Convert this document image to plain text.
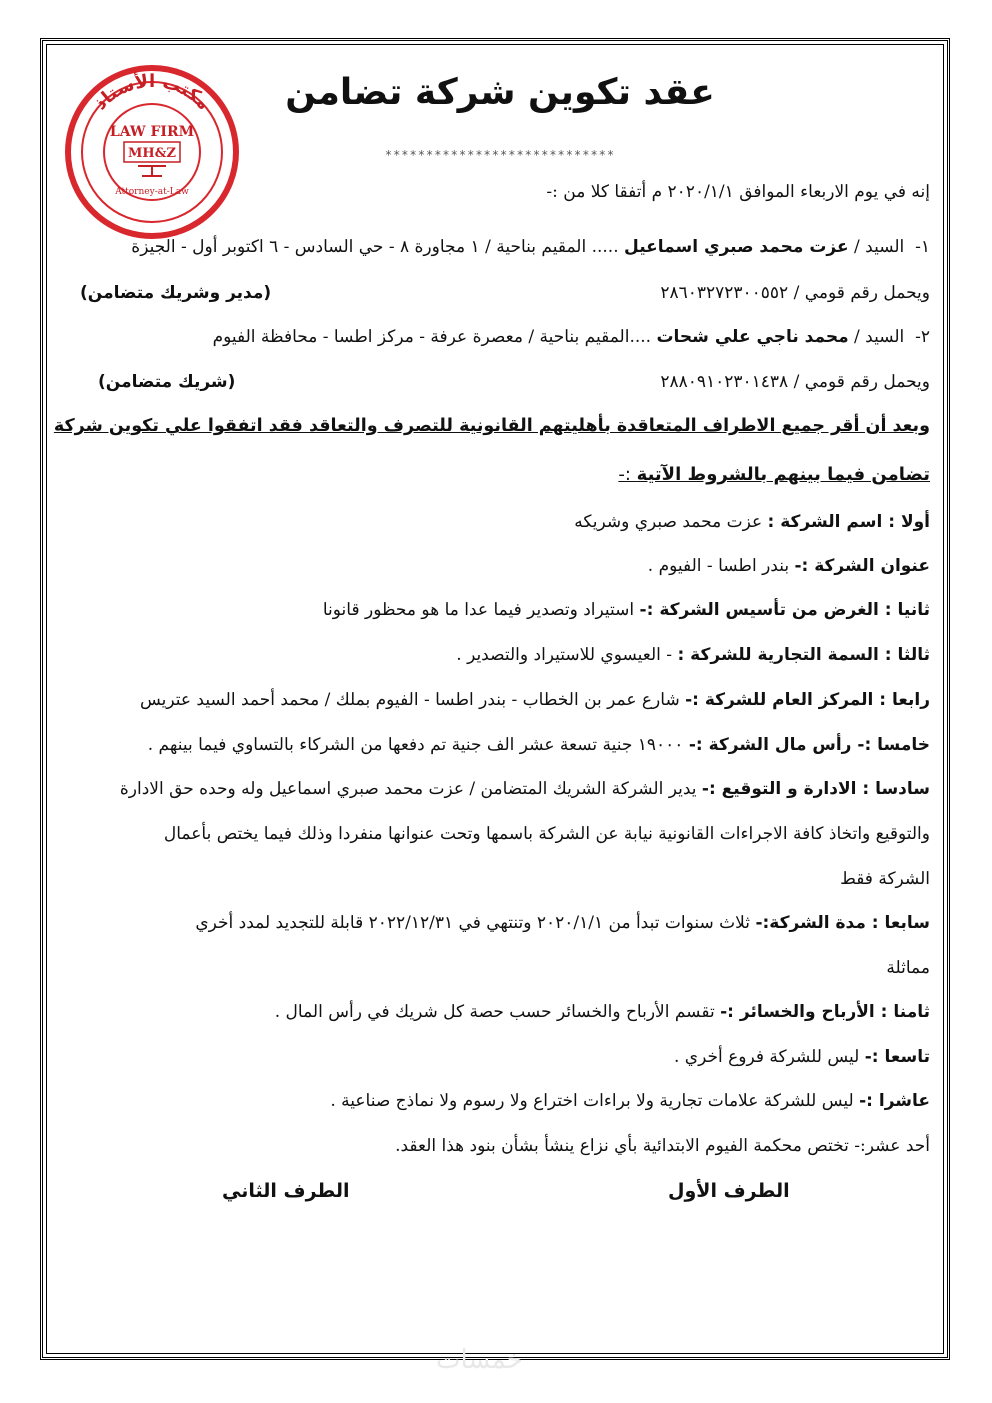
مكتب الأستاذ
LAW FIRM
MH&Z
Attorney-at-Law
عقد تكوين شركة تضامن
****************************
إنه في يوم الاربعاء الموافق ٢٠٢٠/١/١ م أتفقا كلا من :-
١-  السيد / عزت محمد صبري اسماعيل ..... المقيم بناحية / ١ مجاورة ٨ - حي السادس - ٦ اكتوبر أول - الجيزة
ويحمل رقم قومي / ٢٨٦٠٣٢٧٢٣٠٠٥٥٢
(مدير وشريك متضامن)
٢-  السيد / محمد ناجي علي شحات ....المقيم بناحية / معصرة عرفة - مركز اطسا - محافظة الفيوم
ويحمل رقم قومي / ٢٨٨٠٩١٠٢٣٠١٤٣٨
(شريك متضامن)
وبعد أن أقر جميع الاطراف المتعاقدة بأهليتهم القانونية للتصرف والتعاقد فقد اتفقوا علي تكوين شركة
تضامن فيما بينهم بالشروط الآتية :-
أولا : اسم الشركة : عزت محمد صبري وشريكه
عنوان الشركة :- بندر اطسا - الفيوم .
ثانيا : الغرض من تأسيس الشركة :- استيراد وتصدير فيما عدا ما هو محظور قانونا
ثالثا : السمة التجارية للشركة : - العيسوي للاستيراد والتصدير .
رابعا : المركز العام للشركة :- شارع عمر بن الخطاب - بندر اطسا - الفيوم بملك / محمد أحمد السيد عتريس
خامسا :- رأس مال الشركة :- ١٩٠٠٠ جنية تسعة عشر الف جنية تم دفعها من الشركاء بالتساوي فيما بينهم .
سادسا : الادارة و التوقيع :- يدير الشركة الشريك المتضامن / عزت محمد صبري اسماعيل وله وحده حق الادارة
والتوقيع واتخاذ كافة الاجراءات القانونية نيابة عن الشركة باسمها وتحت عنوانها منفردا وذلك فيما يختص بأعمال
الشركة فقط
سابعا : مدة الشركة:- ثلاث سنوات تبدأ من ٢٠٢٠/١/١ وتنتهي في ٢٠٢٢/١٢/٣١ قابلة للتجديد لمدد أخري
مماثلة
ثامنا : الأرباح والخسائر :- تقسم الأرباح والخسائر حسب حصة كل شريك في رأس المال .
تاسعا :- ليس للشركة فروع أخري .
عاشرا :- ليس للشركة علامات تجارية ولا براءات اختراع ولا رسوم ولا نماذج صناعية .
أحد عشر:- تختص محكمة الفيوم الابتدائية بأي نزاع ينشأ بشأن بنود هذا العقد.
الطرف الأول
الطرف الثاني
خمسات
